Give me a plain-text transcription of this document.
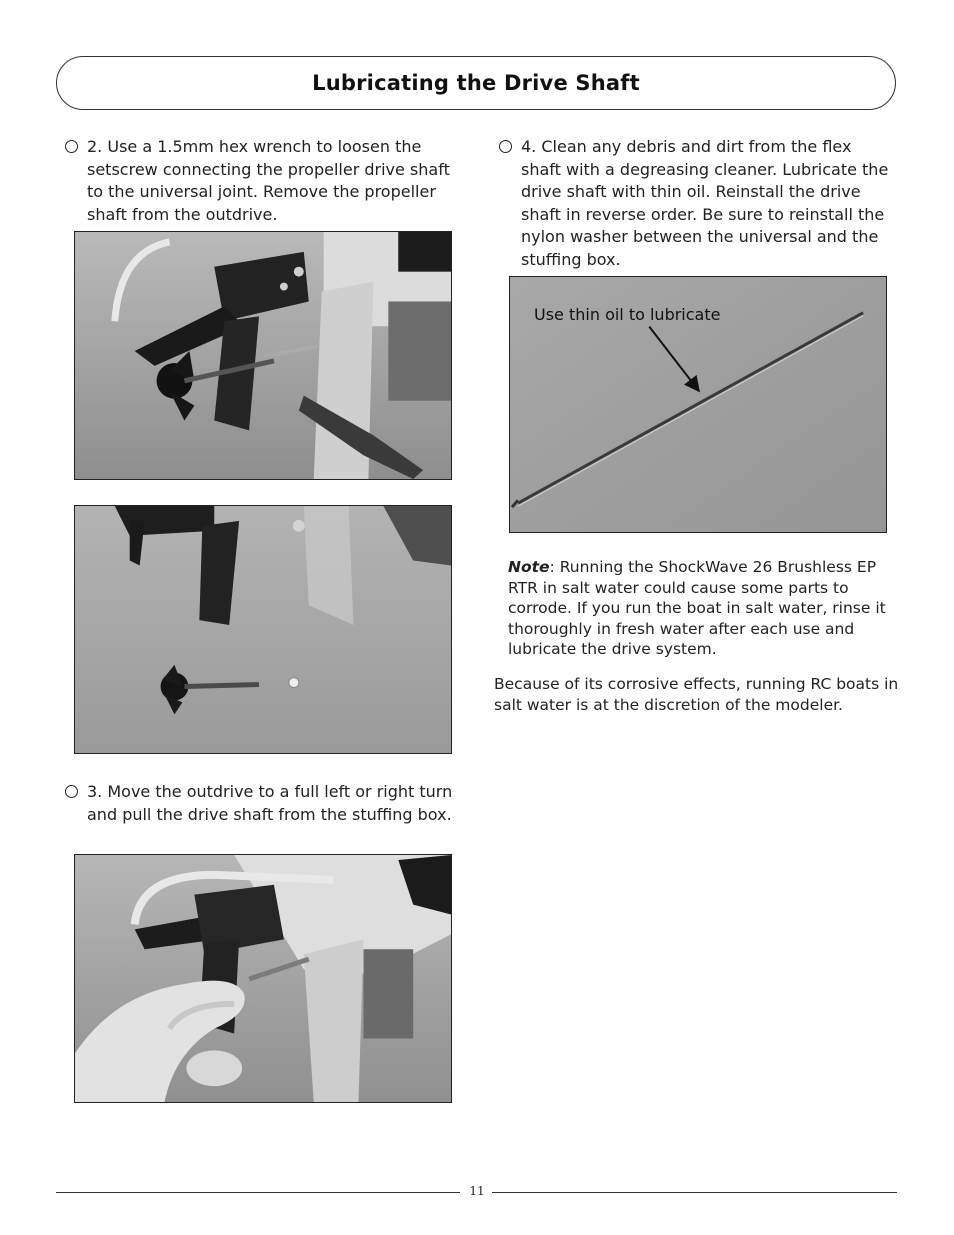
Lubricating the Drive Shaft
2. Use a 1.5mm hex wrench to loosen the setscrew connecting the propeller drive shaft to the universal joint. Remove the propeller shaft from the outdrive.
3. Move the outdrive to a full left or right turn and pull the drive shaft from the stuffing box.
4. Clean any debris and dirt from the flex shaft with a degreasing cleaner. Lubricate the drive shaft with thin oil. Reinstall the drive shaft in reverse order. Be sure to reinstall the nylon washer between the universal and the stuffing box.
Use thin oil to lubricate
Note: Running the ShockWave 26 Brushless EP RTR in salt water could cause some parts to corrode. If you run the boat in salt water, rinse it thoroughly in fresh water after each use and lubricate the drive system.
Because of its corrosive effects, running RC boats in salt water is at the discretion of the modeler.
11
